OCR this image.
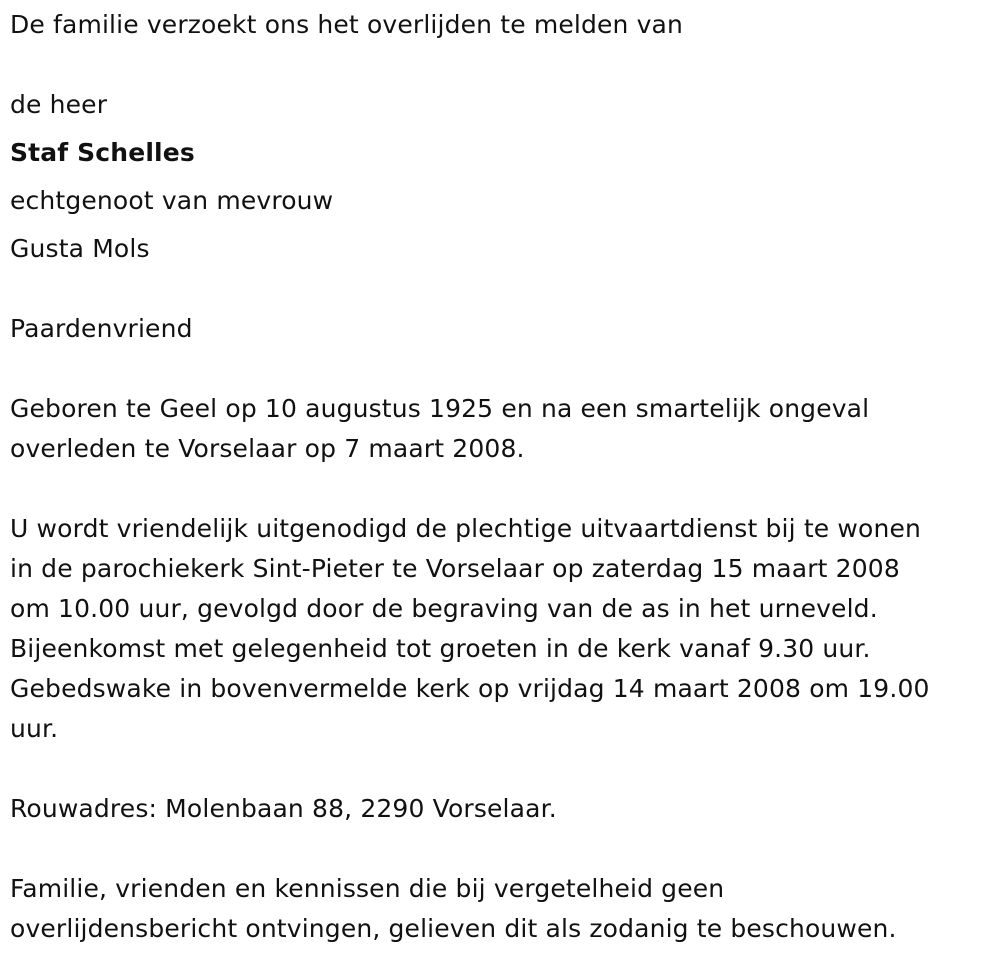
De familie verzoekt ons het overlijden te melden van
de heer
Staf Schelles
echtgenoot van mevrouw
Gusta Mols
Paardenvriend
Geboren te Geel op 10 augustus 1925 en na een smartelijk ongeval
overleden te Vorselaar op 7 maart 2008.
U wordt vriendelijk uitgenodigd de plechtige uitvaartdienst bij te wonen
in de parochiekerk Sint-Pieter te Vorselaar op zaterdag 15 maart 2008
om 10.00 uur, gevolgd door de begraving van de as in het urneveld.
Bijeenkomst met gelegenheid tot groeten in de kerk vanaf 9.30 uur.
Gebedswake in bovenvermelde kerk op vrijdag 14 maart 2008 om 19.00
uur.
Rouwadres: Molenbaan 88, 2290 Vorselaar.
Familie, vrienden en kennissen die bij vergetelheid geen
overlijdensbericht ontvingen, gelieven dit als zodanig te beschouwen.
